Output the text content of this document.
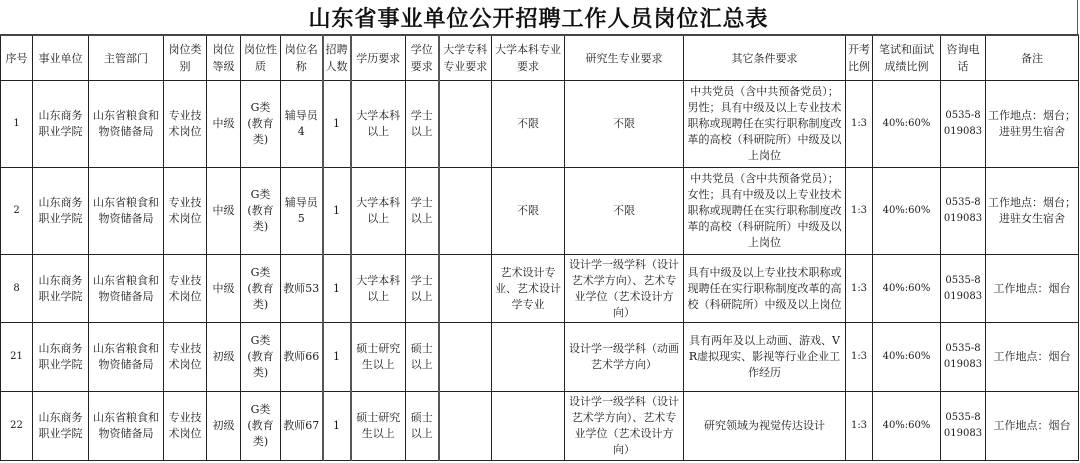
山东省事业单位公开招聘工作人员岗位汇总表
序号	事业单位	主管部门	岗位类别	岗位等级	岗位性质	岗位名称	招聘人数	学历要求	学位要求	大学专科专业要求	大学本科专业要求	研究生专业要求	其它条件要求	开考比例	笔试和面试成绩比例	咨询电话	备注
1	山东商务职业学院	山东省粮食和物资储备局	专业技术岗位	中级	G类(教育类)	辅导员4	1	大学本科以上	学士以上		不限	不限	中共党员（含中共预备党员）；男性；具有中级及以上专业技术职称或现聘任在实行职称制度改革的高校（科研院所）中级及以上岗位	1:3	40%:60%	0535-8019083	工作地点：烟台；进驻男生宿舍
2	山东商务职业学院	山东省粮食和物资储备局	专业技术岗位	中级	G类(教育类)	辅导员5	1	大学本科以上	学士以上		不限	不限	中共党员（含中共预备党员）；女性；具有中级及以上专业技术职称或现聘任在实行职称制度改革的高校（科研院所）中级及以上岗位	1:3	40%:60%	0535-8019083	工作地点：烟台；进驻女生宿舍
8	山东商务职业学院	山东省粮食和物资储备局	专业技术岗位	中级	G类(教育类)	教师53	1	大学本科以上	学士以上		艺术设计专业、艺术设计学专业	设计学一级学科（设计艺术学方向）、艺术专业学位（艺术设计方向）	具有中级及以上专业技术职称或现聘任在实行职称制度改革的高校（科研院所）中级及以上岗位	1:3	40%:60%	0535-8019083	工作地点：烟台
21	山东商务职业学院	山东省粮食和物资储备局	专业技术岗位	初级	G类(教育类)	教师66	1	硕士研究生以上	硕士以上			设计学一级学科（动画艺术学方向）	具有两年及以上动画、游戏、VR虚拟现实、影视等行业企业工作经历	1:3	40%:60%	0535-8019083	工作地点：烟台
22	山东商务职业学院	山东省粮食和物资储备局	专业技术岗位	初级	G类(教育类)	教师67	1	硕士研究生以上	硕士以上			设计学一级学科（设计艺术学方向）、艺术专业学位（艺术设计方向）	研究领域为视觉传达设计	1:3	40%:60%	0535-8019083	工作地点：烟台
